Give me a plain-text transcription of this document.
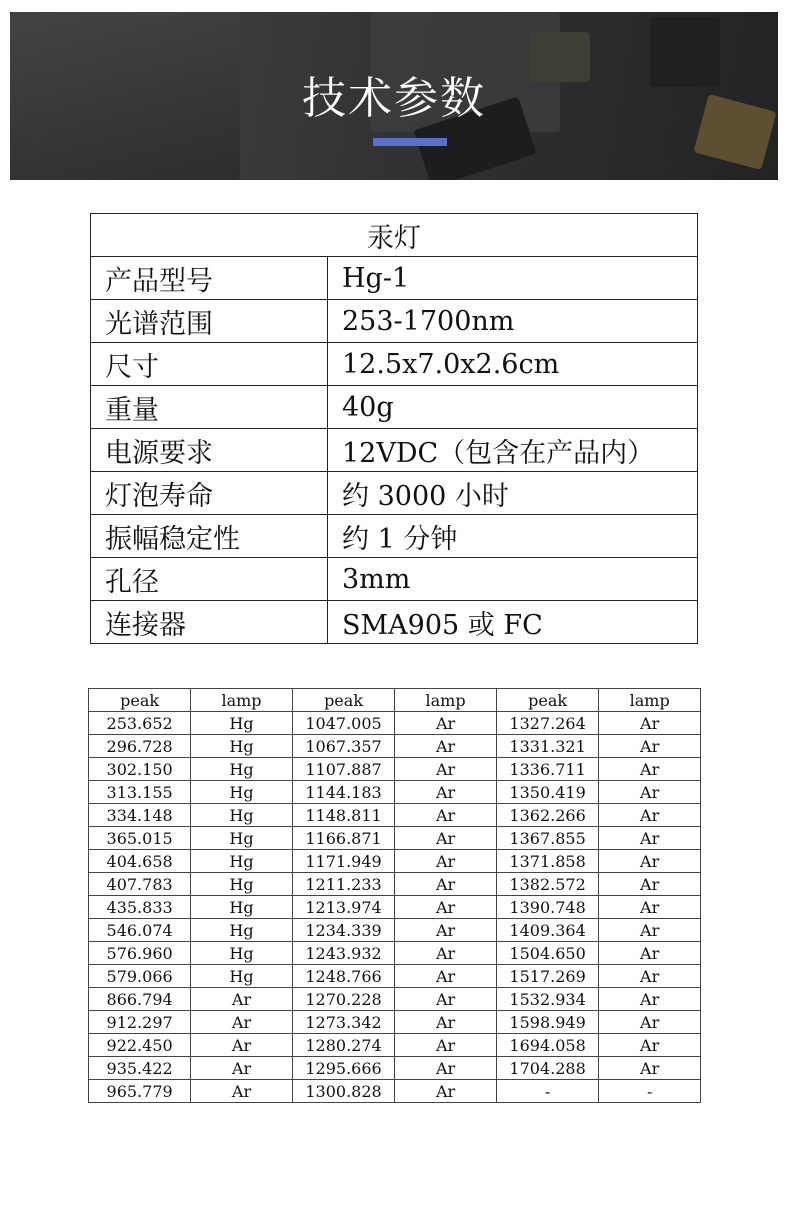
技术参数
汞灯	
产品型号	Hg-1
光谱范围	253-1700nm
尺寸	12.5x7.0x2.6cm
重量	40g
电源要求	12VDC（包含在产品内）
灯泡寿命	约 3000 小时
振幅稳定性	约 1 分钟
孔径	3mm
连接器	SMA905 或 FC
peak	lamp	peak	lamp	peak	lamp
253.652	Hg	1047.005	Ar	1327.264	Ar
296.728	Hg	1067.357	Ar	1331.321	Ar
302.150	Hg	1107.887	Ar	1336.711	Ar
313.155	Hg	1144.183	Ar	1350.419	Ar
334.148	Hg	1148.811	Ar	1362.266	Ar
365.015	Hg	1166.871	Ar	1367.855	Ar
404.658	Hg	1171.949	Ar	1371.858	Ar
407.783	Hg	1211.233	Ar	1382.572	Ar
435.833	Hg	1213.974	Ar	1390.748	Ar
546.074	Hg	1234.339	Ar	1409.364	Ar
576.960	Hg	1243.932	Ar	1504.650	Ar
579.066	Hg	1248.766	Ar	1517.269	Ar
866.794	Ar	1270.228	Ar	1532.934	Ar
912.297	Ar	1273.342	Ar	1598.949	Ar
922.450	Ar	1280.274	Ar	1694.058	Ar
935.422	Ar	1295.666	Ar	1704.288	Ar
965.779	Ar	1300.828	Ar	-	-
